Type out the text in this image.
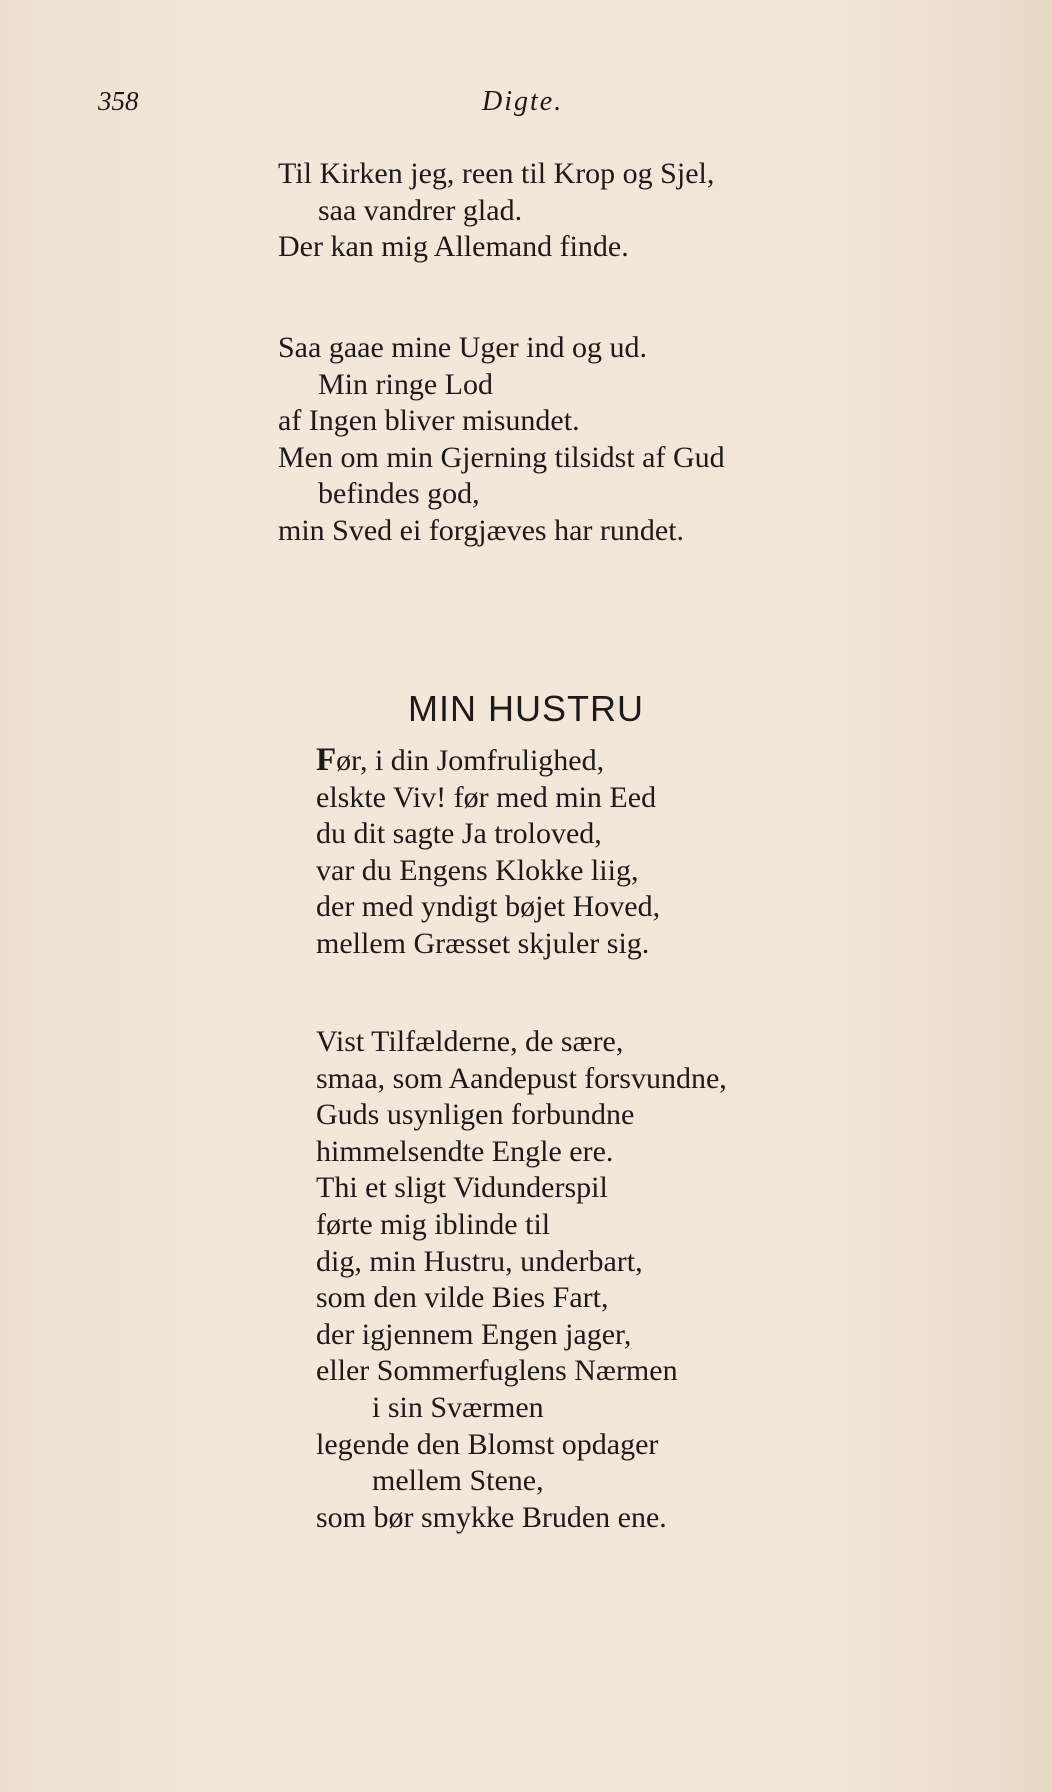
358	Digte.
Til Kirken jeg, reen til Krop og Sjel,
saa vandrer glad.
Der kan mig Allemand finde.
Saa gaae mine Uger ind og ud.
Min ringe Lod
af Ingen bliver misundet.
Men om min Gjerning tilsidst af Gud
befindes god,
min Sved ei forgjæves har rundet.
MIN HUSTRU
Før, i din Jomfrulighed,
elskte Viv! før med min Eed
du dit sagte Ja troloved,
var du Engens Klokke liig,
der med yndigt bøjet Hoved,
mellem Græsset skjuler sig.
Vist Tilfælderne, de sære,
smaa, som Aandepust forsvundne,
Guds usynligen forbundne
himmelsendte Engle ere.
Thi et sligt Vidunderspil
førte mig iblinde til
dig, min Hustru, underbart,
som den vilde Bies Fart,
der igjennem Engen jager,
eller Sommerfuglens Nærmen
i sin Sværmen
legende den Blomst opdager
mellem Stene,
som bør smykke Bruden ene.
